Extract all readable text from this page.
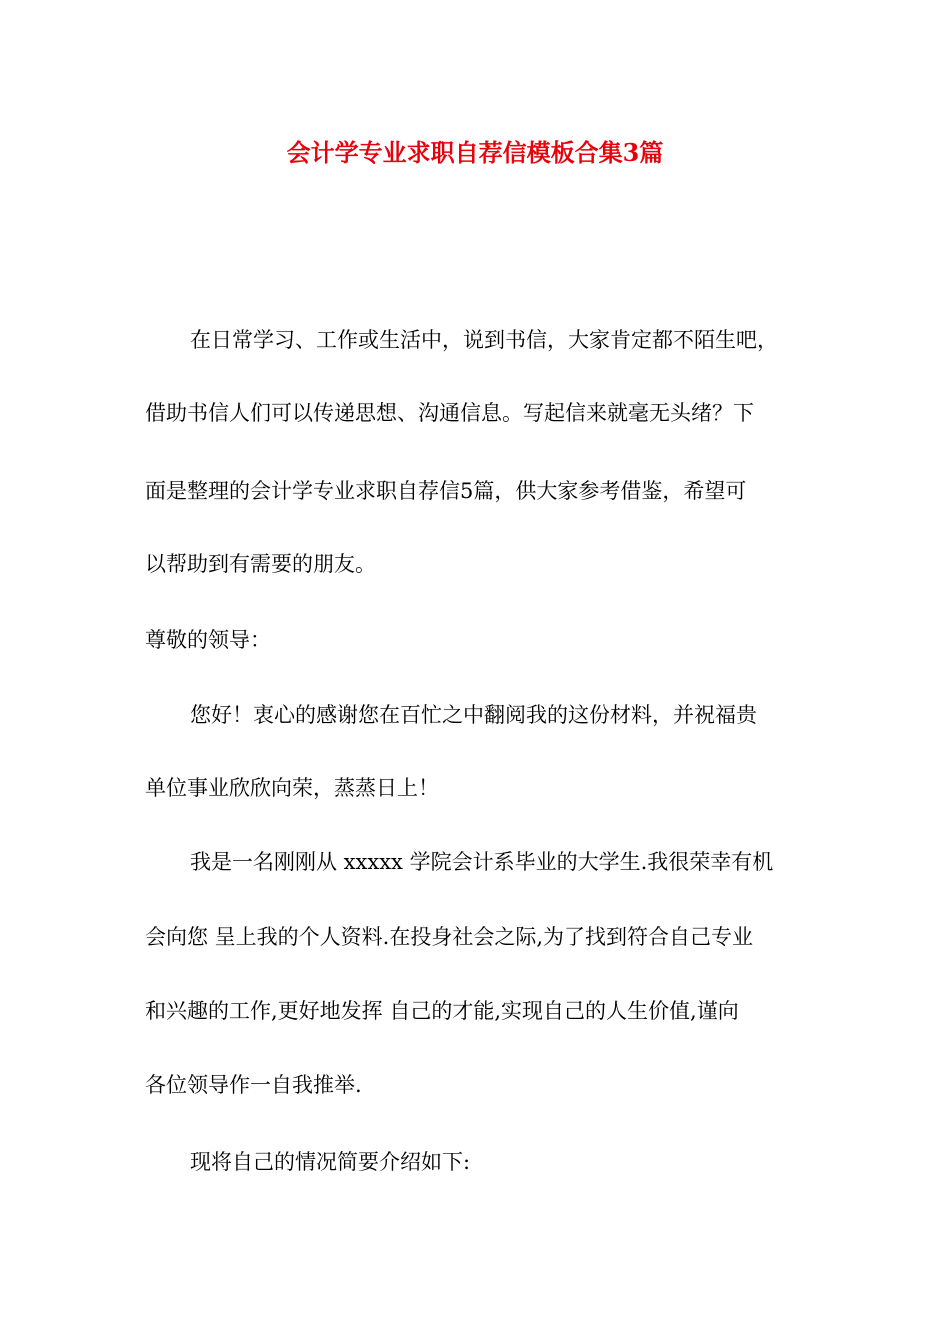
会计学专业求职自荐信模板合集3篇

在日常学习、工作或生活中，说到书信，大家肯定都不陌生吧，

借助书信人们可以传递思想、沟通信息。写起信来就毫无头绪？下

面是整理的会计学专业求职自荐信5篇，供大家参考借鉴，希望可

以帮助到有需要的朋友。

尊敬的领导：

您好！衷心的感谢您在百忙之中翻阅我的这份材料，并祝福贵

单位事业欣欣向荣，蒸蒸日上！

我是一名刚刚从 xxxxx 学院会计系毕业的大学生.我很荣幸有机

会向您 呈上我的个人资料.在投身社会之际,为了找到符合自己专业

和兴趣的工作,更好地发挥 自己的才能,实现自己的人生价值,谨向

各位领导作一自我推举.

现将自己的情况简要介绍如下:
